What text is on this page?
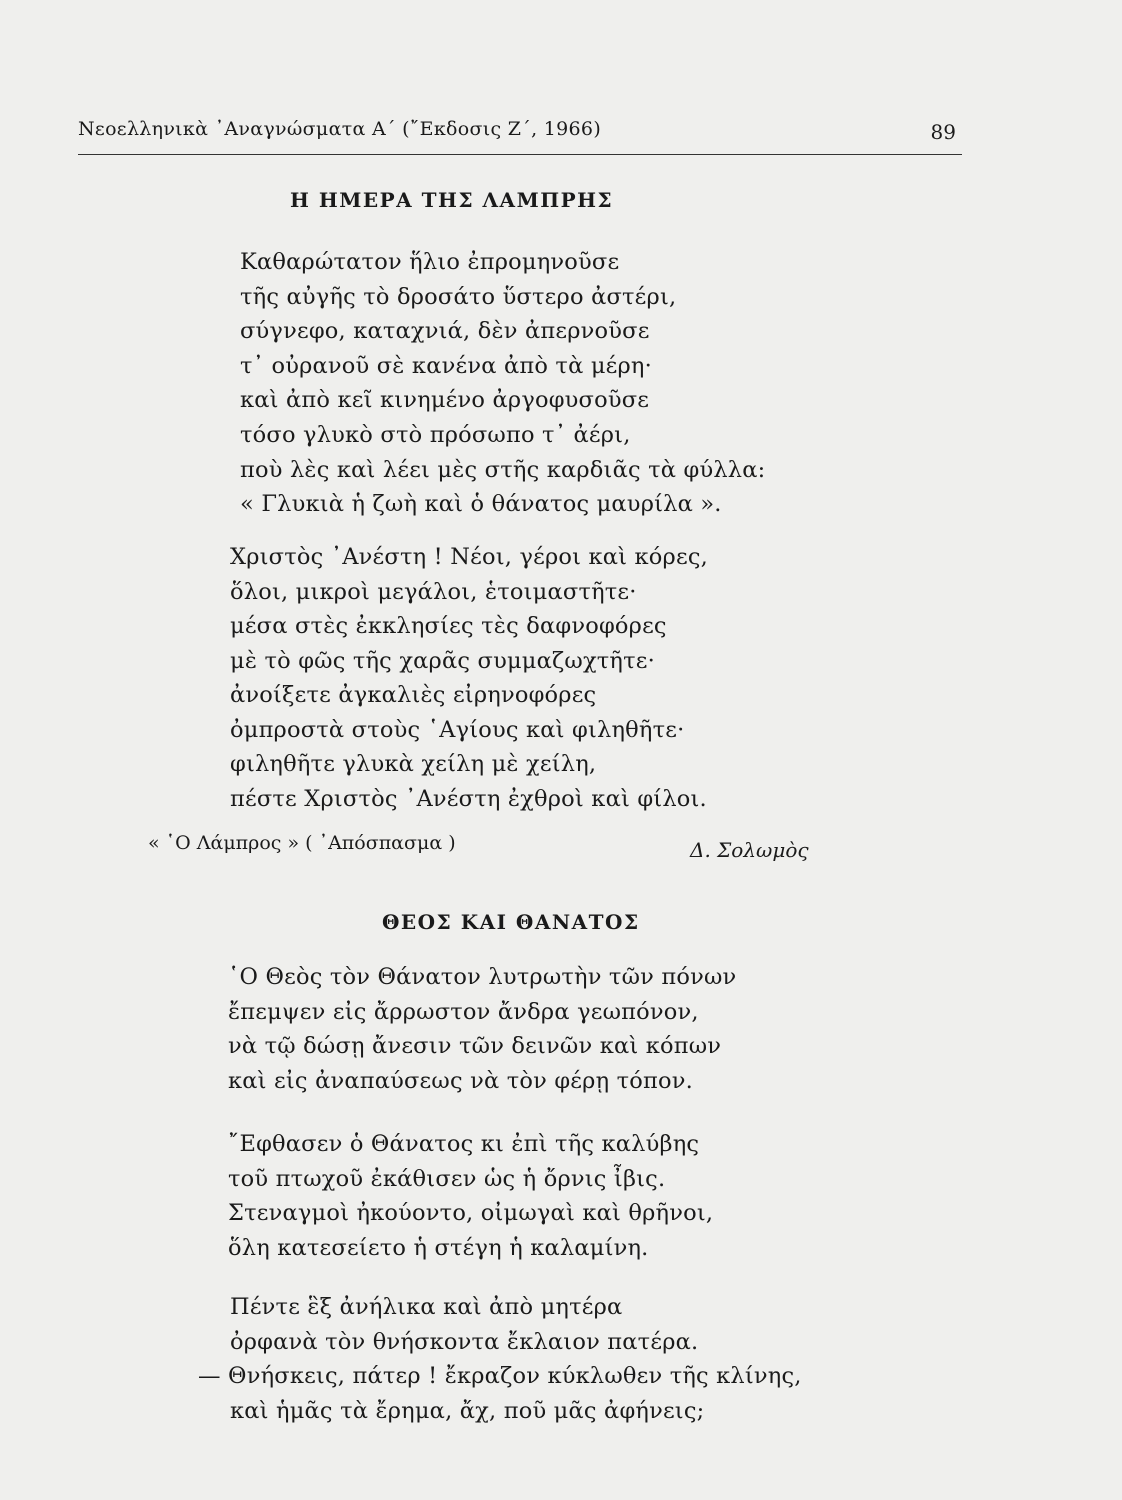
Νεοελληνικὰ ᾿Αναγνώσματα Α΄ (῎Εκδοσις Ζ΄, 1966)	89
Η ΗΜΕΡΑ ΤΗΣ ΛΑΜΠΡΗΣ
Καθαρώτατον ἥλιο ἐπρομηνοῦσε
τῆς αὐγῆς τὸ δροσάτο ὕστερο ἀστέρι,
σύγνεφο, καταχνιά, δὲν ἀπερνοῦσε
τ᾿ οὐρανοῦ σὲ κανένα ἀπὸ τὰ μέρη·
καὶ ἀπὸ κεῖ κινημένο ἀργοφυσοῦσε
τόσο γλυκὸ στὸ πρόσωπο τ᾿ ἀέρι,
ποὺ λὲς καὶ λέει μὲς στῆς καρδιᾶς τὰ φύλλα:
« Γλυκιὰ ἡ ζωὴ καὶ ὁ θάνατος μαυρίλα ».
Χριστὸς ᾿Ανέστη ! Νέοι, γέροι καὶ κόρες,
ὅλοι, μικροὶ μεγάλοι, ἑτοιμαστῆτε·
μέσα στὲς ἐκκλησίες τὲς δαφνοφόρες
μὲ τὸ φῶς τῆς χαρᾶς συμμαζωχτῆτε·
ἀνοίξετε ἀγκαλιὲς εἰρηνοφόρες
ὀμπροστὰ στοὺς ῾Αγίους καὶ φιληθῆτε·
φιληθῆτε γλυκὰ χείλη μὲ χείλη,
πέστε Χριστὸς ᾿Ανέστη ἐχθροὶ καὶ φίλοι.
« ῾Ο Λάμπρος » ( ᾿Απόσπασμα )	Δ. Σολωμὸς
ΘΕΟΣ ΚΑΙ ΘΑΝΑΤΟΣ
῾Ο Θεὸς τὸν Θάνατον λυτρωτὴν τῶν πόνων
ἔπεμψεν εἰς ἄρρωστον ἄνδρα γεωπόνον,
νὰ τῷ δώσῃ ἄνεσιν τῶν δεινῶν καὶ κόπων
καὶ εἰς ἀναπαύσεως νὰ τὸν φέρῃ τόπον.
῎Εφθασεν ὁ Θάνατος κι ἐπὶ τῆς καλύβης
τοῦ πτωχοῦ ἐκάθισεν ὡς ἡ ὄρνις ἶβις.
Στεναγμοὶ ἠκούοντο, οἰμωγαὶ καὶ θρῆνοι,
ὅλη κατεσείετο ἡ στέγη ἡ καλαμίνη.
Πέντε ἓξ ἀνήλικα καὶ ἀπὸ μητέρα
ὀρφανὰ τὸν θνήσκοντα ἔκλαιον πατέρα.
— Θνήσκεις, πάτερ ! ἔκραζον κύκλωθεν τῆς κλίνης,
καὶ ἡμᾶς τὰ ἔρημα, ἄχ, ποῦ μᾶς ἀφήνεις;
